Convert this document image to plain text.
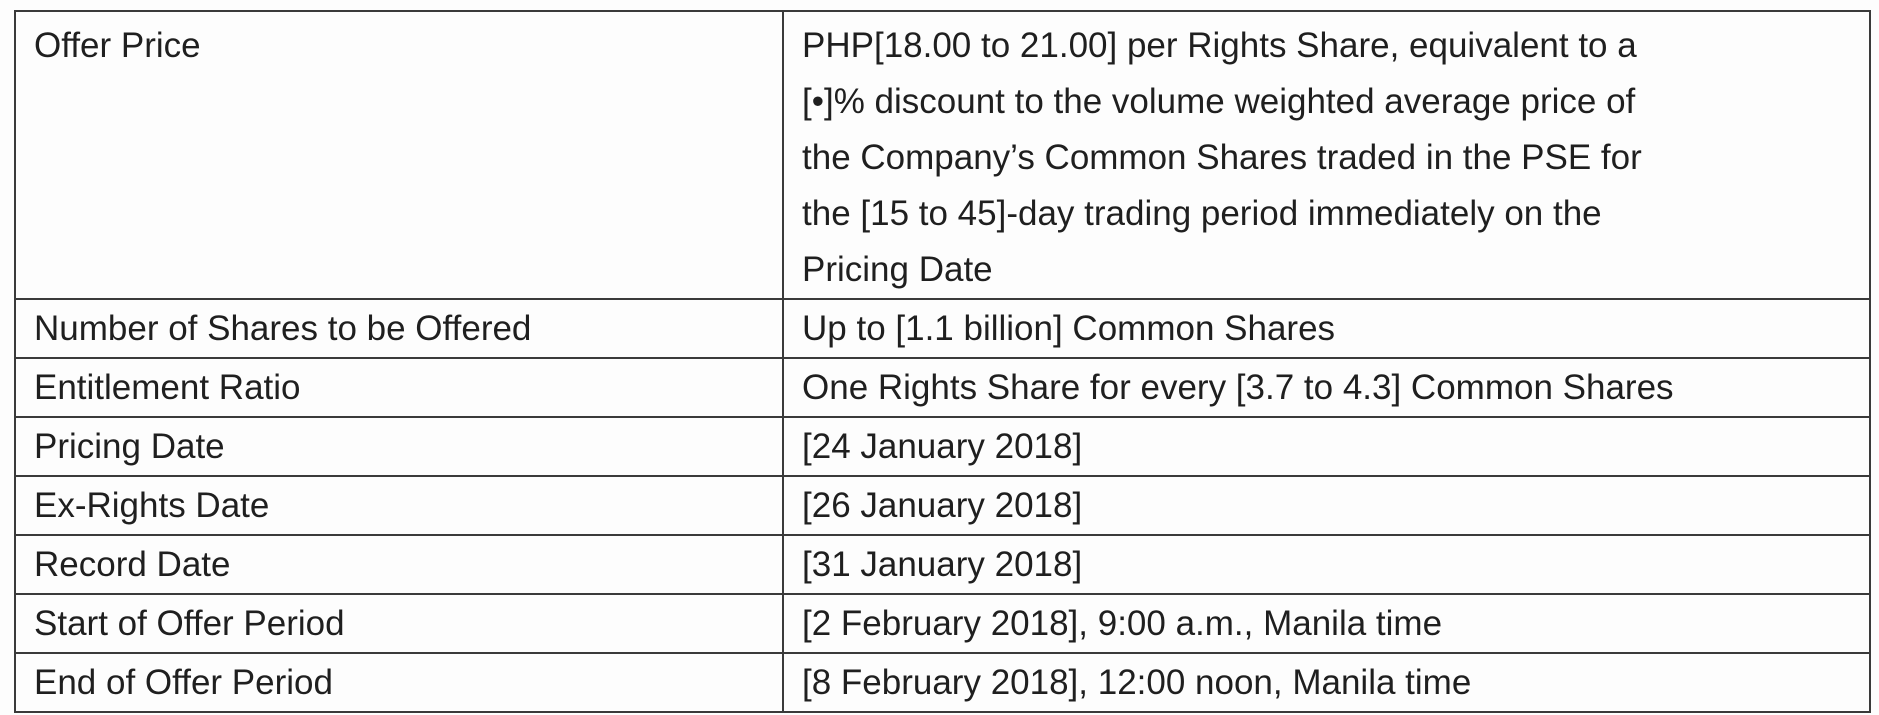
Offer Price	PHP[18.00 to 21.00] per Rights Share, equivalent to a
[•]% discount to the volume weighted average price of
the Company’s Common Shares traded in the PSE for
the [15 to 45]-day trading period immediately on the
Pricing Date

Number of Shares to be Offered	Up to [1.1 billion] Common Shares
Entitlement Ratio	One Rights Share for every [3.7 to 4.3] Common Shares
Pricing Date	[24 January 2018]
Ex-Rights Date	[26 January 2018]
Record Date	[31 January 2018]
Start of Offer Period	[2 February 2018], 9:00 a.m., Manila time
End of Offer Period	[8 February 2018], 12:00 noon, Manila time
